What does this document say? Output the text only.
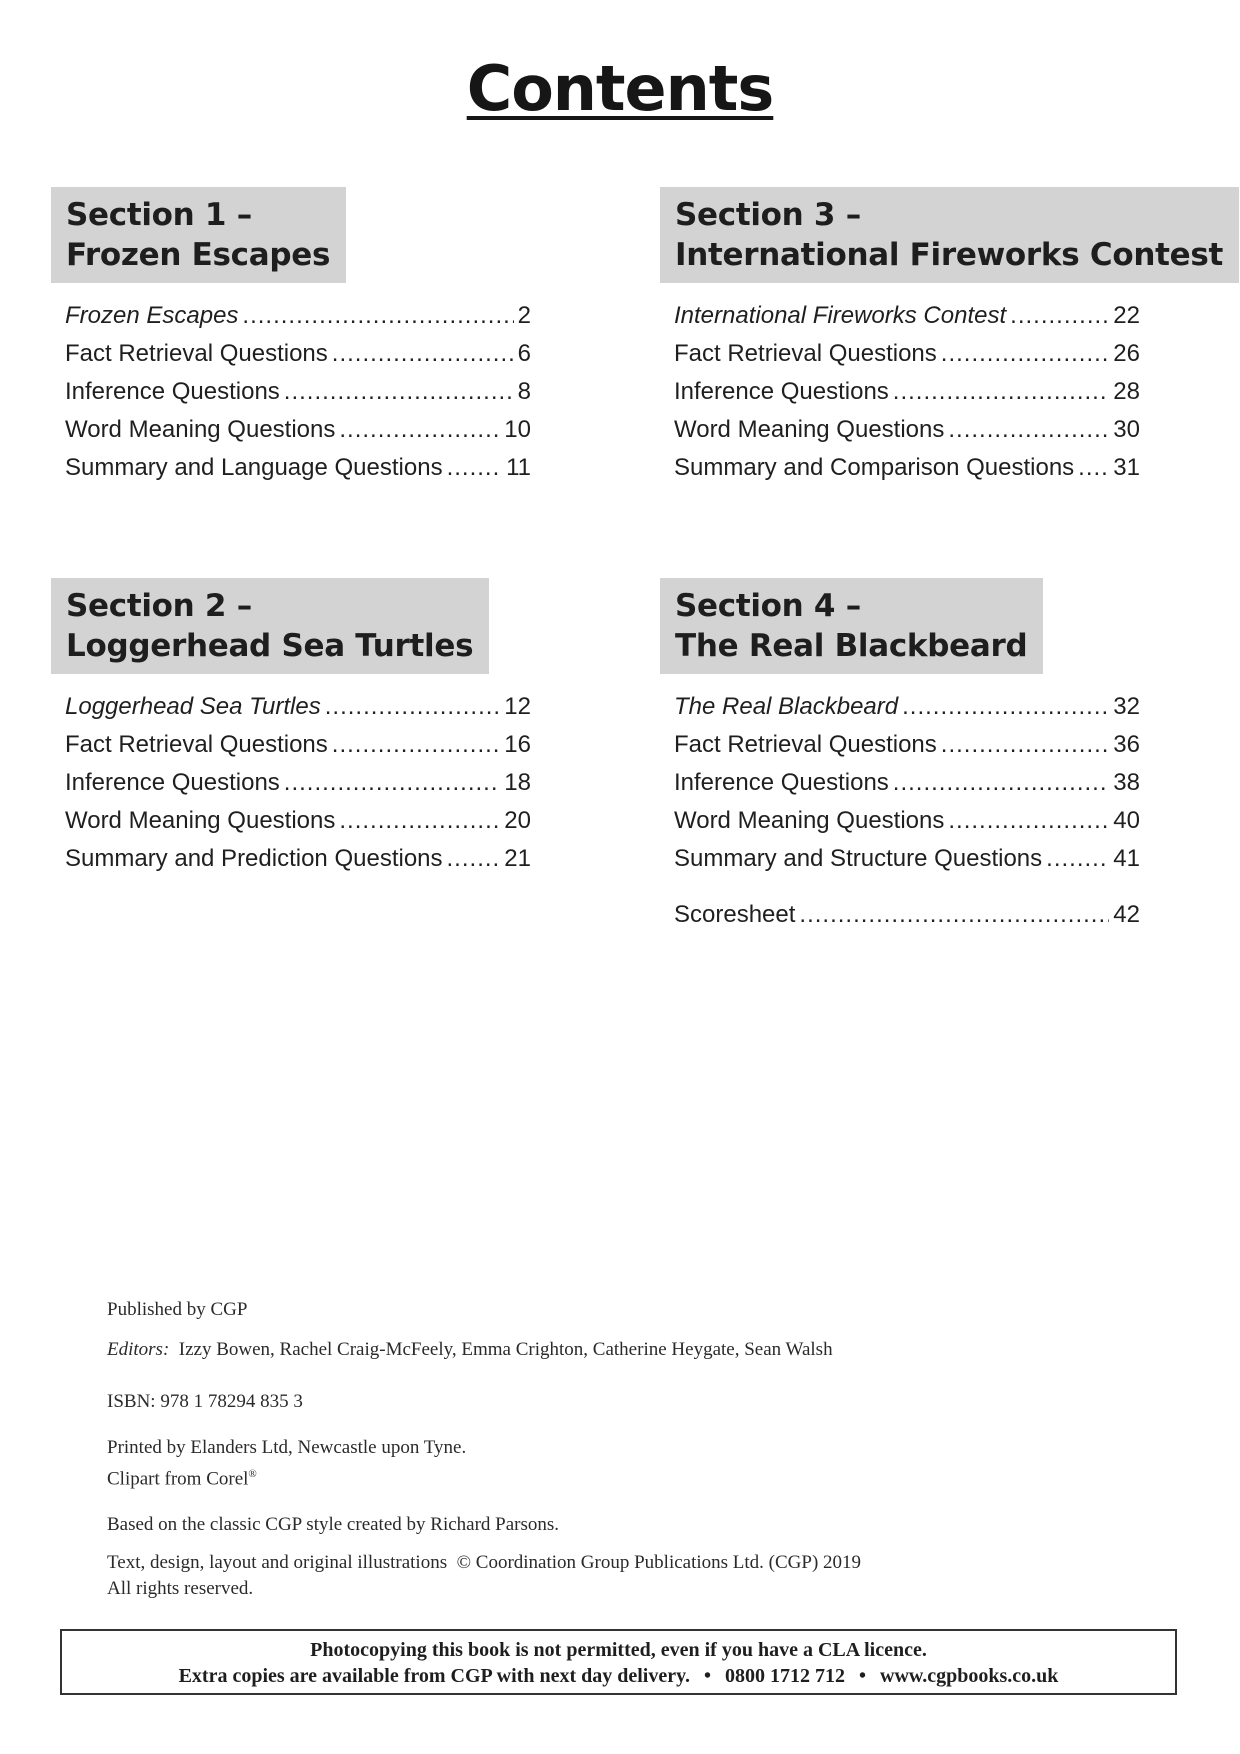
Contents
Section 1 –
Frozen Escapes
Frozen Escapes .....	2
Fact Retrieval Questions .....	6
Inference Questions .....	8
Word Meaning Questions .....	10
Summary and Language Questions .....	11
Section 2 –
Loggerhead Sea Turtles
Loggerhead Sea Turtles .....	12
Fact Retrieval Questions .....	16
Inference Questions .....	18
Word Meaning Questions .....	20
Summary and Prediction Questions .....	21
Section 3 –
International Fireworks Contest
International Fireworks Contest .....	22
Fact Retrieval Questions .....	26
Inference Questions .....	28
Word Meaning Questions .....	30
Summary and Comparison Questions ..... 31
Section 4 –
The Real Blackbeard
The Real Blackbeard .....	32
Fact Retrieval Questions .....	36
Inference Questions .....	38
Word Meaning Questions .....	40
Summary and Structure Questions .....	41
Scoresheet .....	42

Published by CGP

Editors: Izzy Bowen, Rachel Craig-McFeely, Emma Crighton, Catherine Heygate, Sean Walsh

ISBN: 978 1 78294 835 3

Printed by Elanders Ltd, Newcastle upon Tyne.

Clipart from Corel®

Based on the classic CGP style created by Richard Parsons.

Text, design, layout and original illustrations  © Coordination Group Publications Ltd. (CGP) 2019

All rights reserved.

Photocopying this book is not permitted, even if you have a CLA licence.
Extra copies are available from CGP with next day delivery. • 0800 1712 712 • www.cgpbooks.co.uk
